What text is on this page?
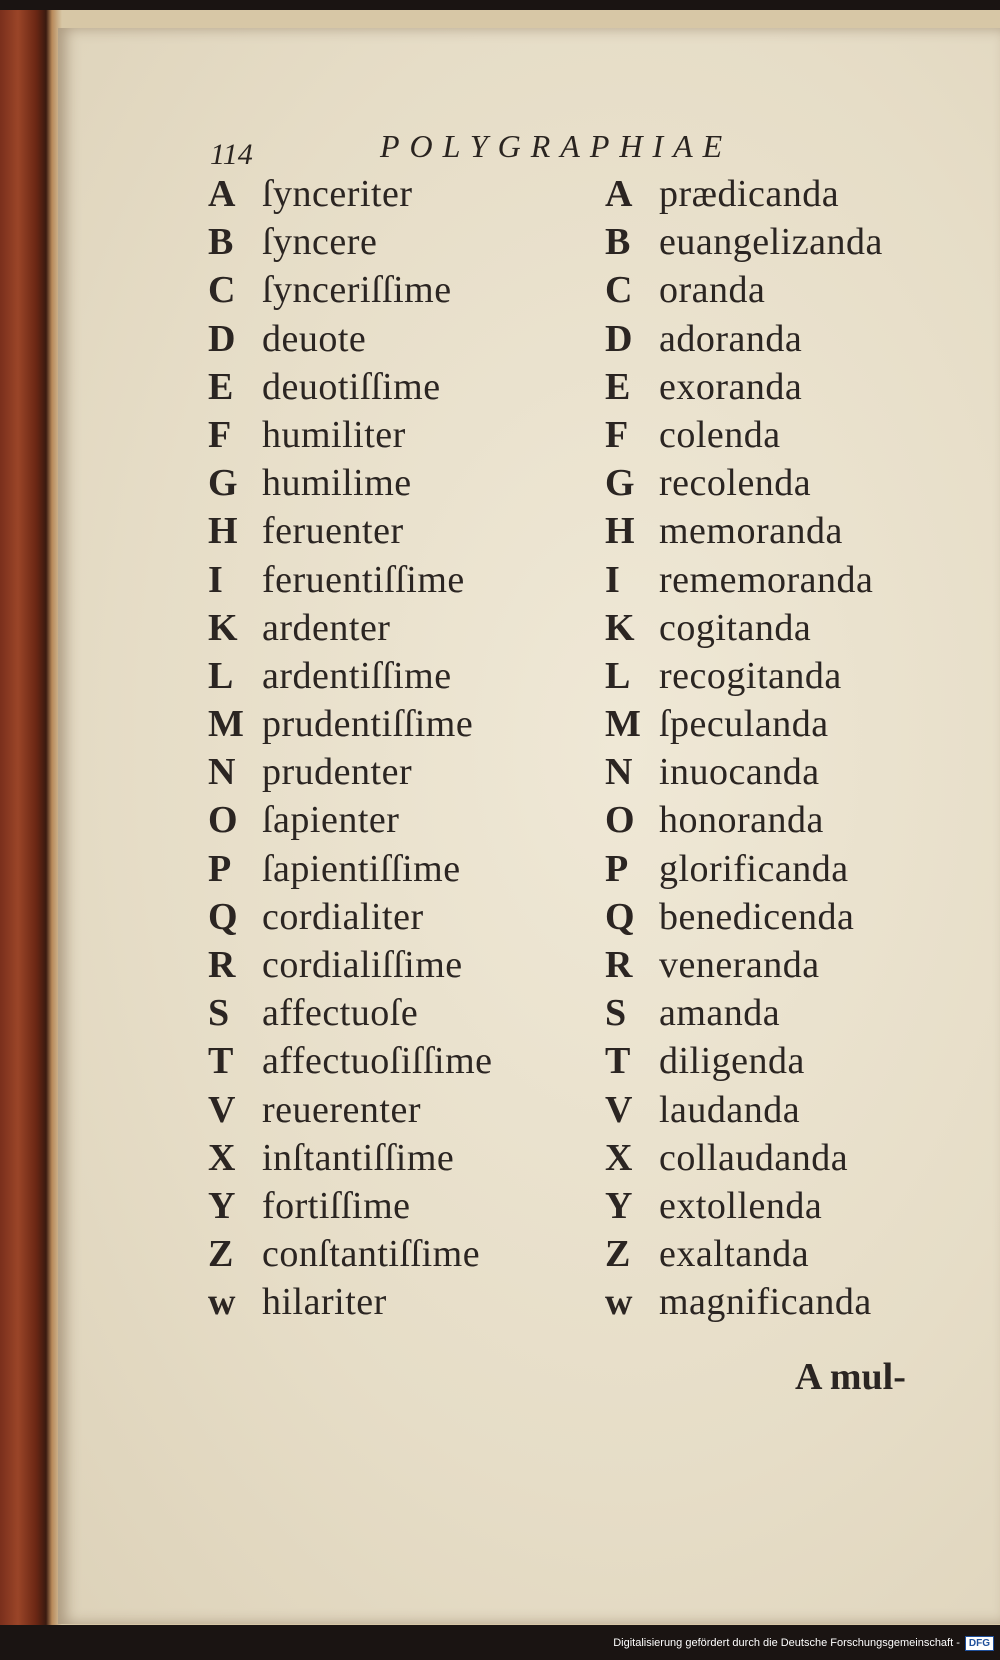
114	POLYGRAPHIAE
A ſynceriter
B ſyncere
C ſynceriſſime
D deuote
E deuotiſſime
F humiliter
G humilime
H feruenter
I	feruentiſſime
K ardenter
L ardentiſſime
M prudentiſſime
N prudenter
O ſapienter
P ſapientiſſime
Q cordialiter
R cordialiſſime
S affectuoſe
T affectuoſiſſime
V reuerenter
X inſtantiſſime
Y fortiſſime
Z conſtantiſſime
w hilariter
A prædicanda
B euangelizanda
C oranda
D adoranda
E exoranda
F colenda
G recolenda
H memoranda
I	rememoranda
K cogitanda
L recogitanda
M ſpeculanda
N inuocanda
O honoranda
P glorificanda
Q benedicenda
R veneranda
S amanda
T diligenda
V laudanda
X collaudanda
Y extollenda
Z exaltanda
w magnificanda
A mul-
Digitalisierung gefördert durch die Deutsche Forschungsgemeinschaft - DFG
